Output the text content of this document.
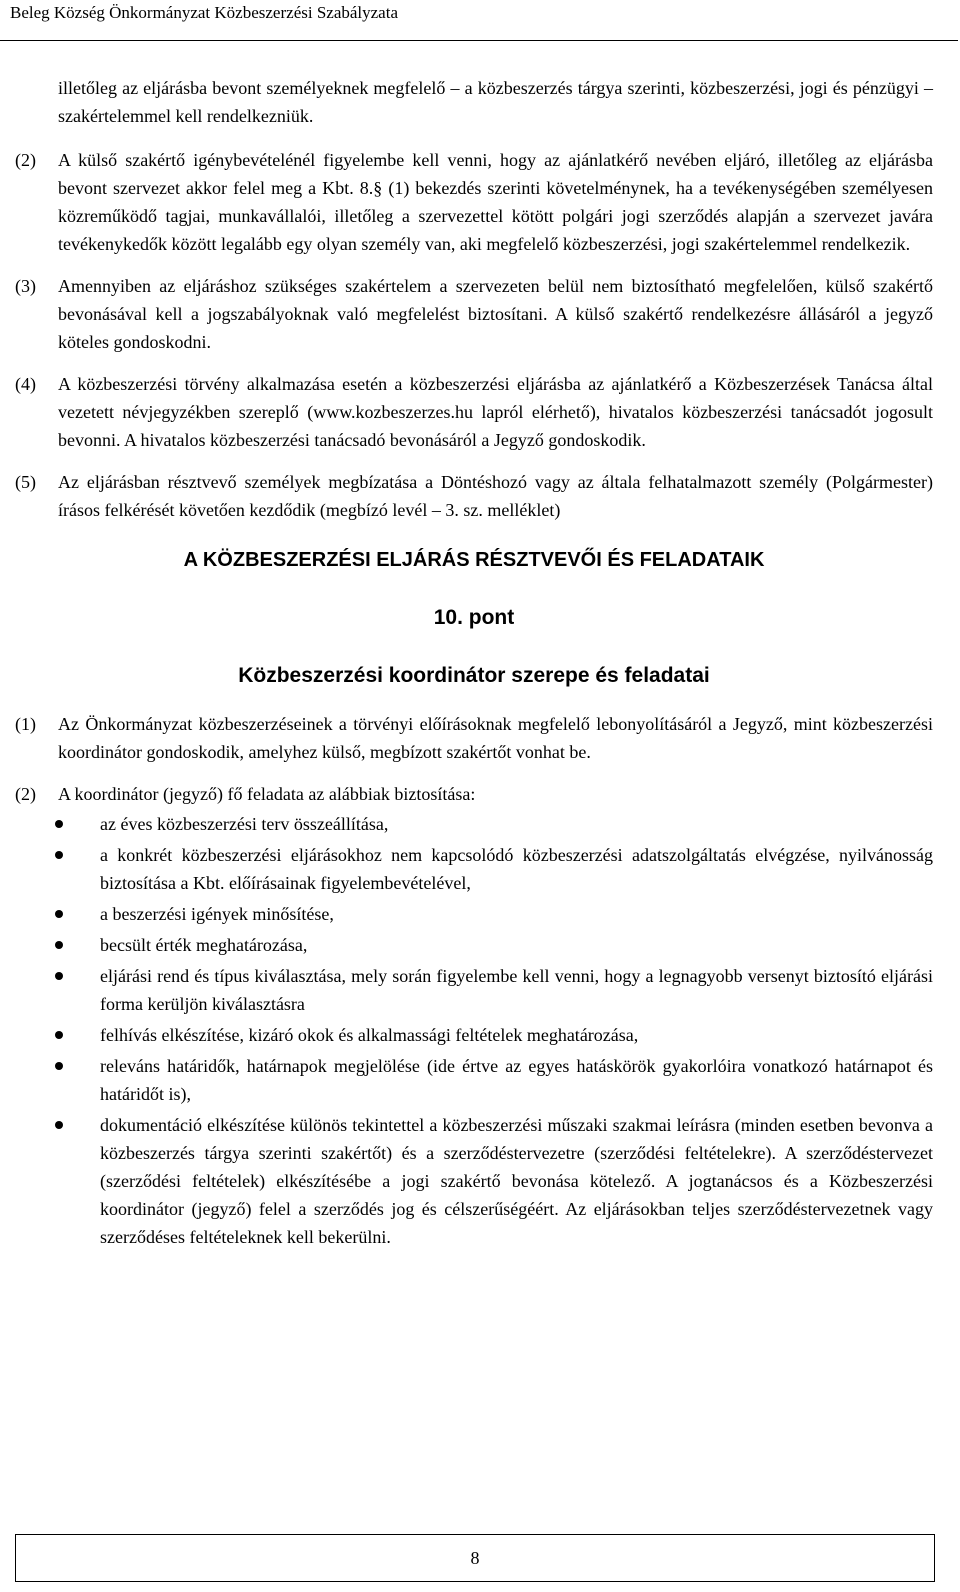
Beleg Község Önkormányzat Közbeszerzési Szabályzata

illetőleg az eljárásba bevont személyeknek megfelelő – a közbeszerzés tárgya szerinti, közbeszerzési, jogi és pénzügyi – szakértelemmel kell rendelkezniük.

(2) A külső szakértő igénybevételénél figyelembe kell venni, hogy az ajánlatkérő nevében eljáró, illetőleg az eljárásba bevont szervezet akkor felel meg a Kbt. 8.§ (1) bekezdés szerinti követelménynek, ha a tevékenységében személyesen közreműködő tagjai, munkavállalói, illetőleg a szervezettel kötött polgári jogi szerződés alapján a szervezet javára tevékenykedők között legalább egy olyan személy van, aki megfelelő közbeszerzési, jogi szakértelemmel rendelkezik.
(3) Amennyiben az eljáráshoz szükséges szakértelem a szervezeten belül nem biztosítható megfelelően, külső szakértő bevonásával kell a jogszabályoknak való megfelelést biztosítani. A külső szakértő rendelkezésre állásáról a jegyző köteles gondoskodni.
(4) A közbeszerzési törvény alkalmazása esetén a közbeszerzési eljárásba az ajánlatkérő a Közbeszerzések Tanácsa által vezetett névjegyzékben szereplő (www.kozbeszerzes.hu lapról elérhető), hivatalos közbeszerzési tanácsadót jogosult bevonni. A hivatalos közbeszerzési tanácsadó bevonásáról a Jegyző gondoskodik.
(5) Az eljárásban résztvevő személyek megbízatása a Döntéshozó vagy az általa felhatalmazott személy (Polgármester) írásos felkérését követően kezdődik (megbízó levél – 3. sz. melléklet)
A KÖZBESZERZÉSI ELJÁRÁS RÉSZTVEVŐI ÉS FELADATAIK
10. pont
Közbeszerzési koordinátor szerepe és feladatai
(1) Az Önkormányzat közbeszerzéseinek a törvényi előírásoknak megfelelő lebonyolításáról a Jegyző, mint közbeszerzési koordinátor gondoskodik, amelyhez külső, megbízott szakértőt vonhat be.
(2) A koordinátor (jegyző) fő feladata az alábbiak biztosítása:
az éves közbeszerzési terv összeállítása,
a konkrét közbeszerzési eljárásokhoz nem kapcsolódó közbeszerzési adatszolgáltatás elvégzése, nyilvánosság biztosítása a Kbt. előírásainak figyelembevételével,
a beszerzési igények minősítése,
becsült érték meghatározása,
eljárási rend és típus kiválasztása, mely során figyelembe kell venni, hogy a legnagyobb versenyt biztosító eljárási forma kerüljön kiválasztásra
felhívás elkészítése, kizáró okok és alkalmassági feltételek meghatározása,
releváns határidők, határnapok megjelölése (ide értve az egyes hatáskörök gyakorlóira vonatkozó határnapot és határidőt is),
dokumentáció elkészítése különös tekintettel a közbeszerzési műszaki szakmai leírásra (minden esetben bevonva a közbeszerzés tárgya szerinti szakértőt) és a szerződéstervezetre (szerződési feltételekre). A szerződéstervezet (szerződési feltételek) elkészítésébe a jogi szakértő bevonása kötelező. A jogtanácsos és a Közbeszerzési koordinátor (jegyző) felel a szerződés jog és célszerűségéért. Az eljárásokban teljes szerződéstervezetnek vagy szerződéses feltételeknek kell bekerülni.
8
